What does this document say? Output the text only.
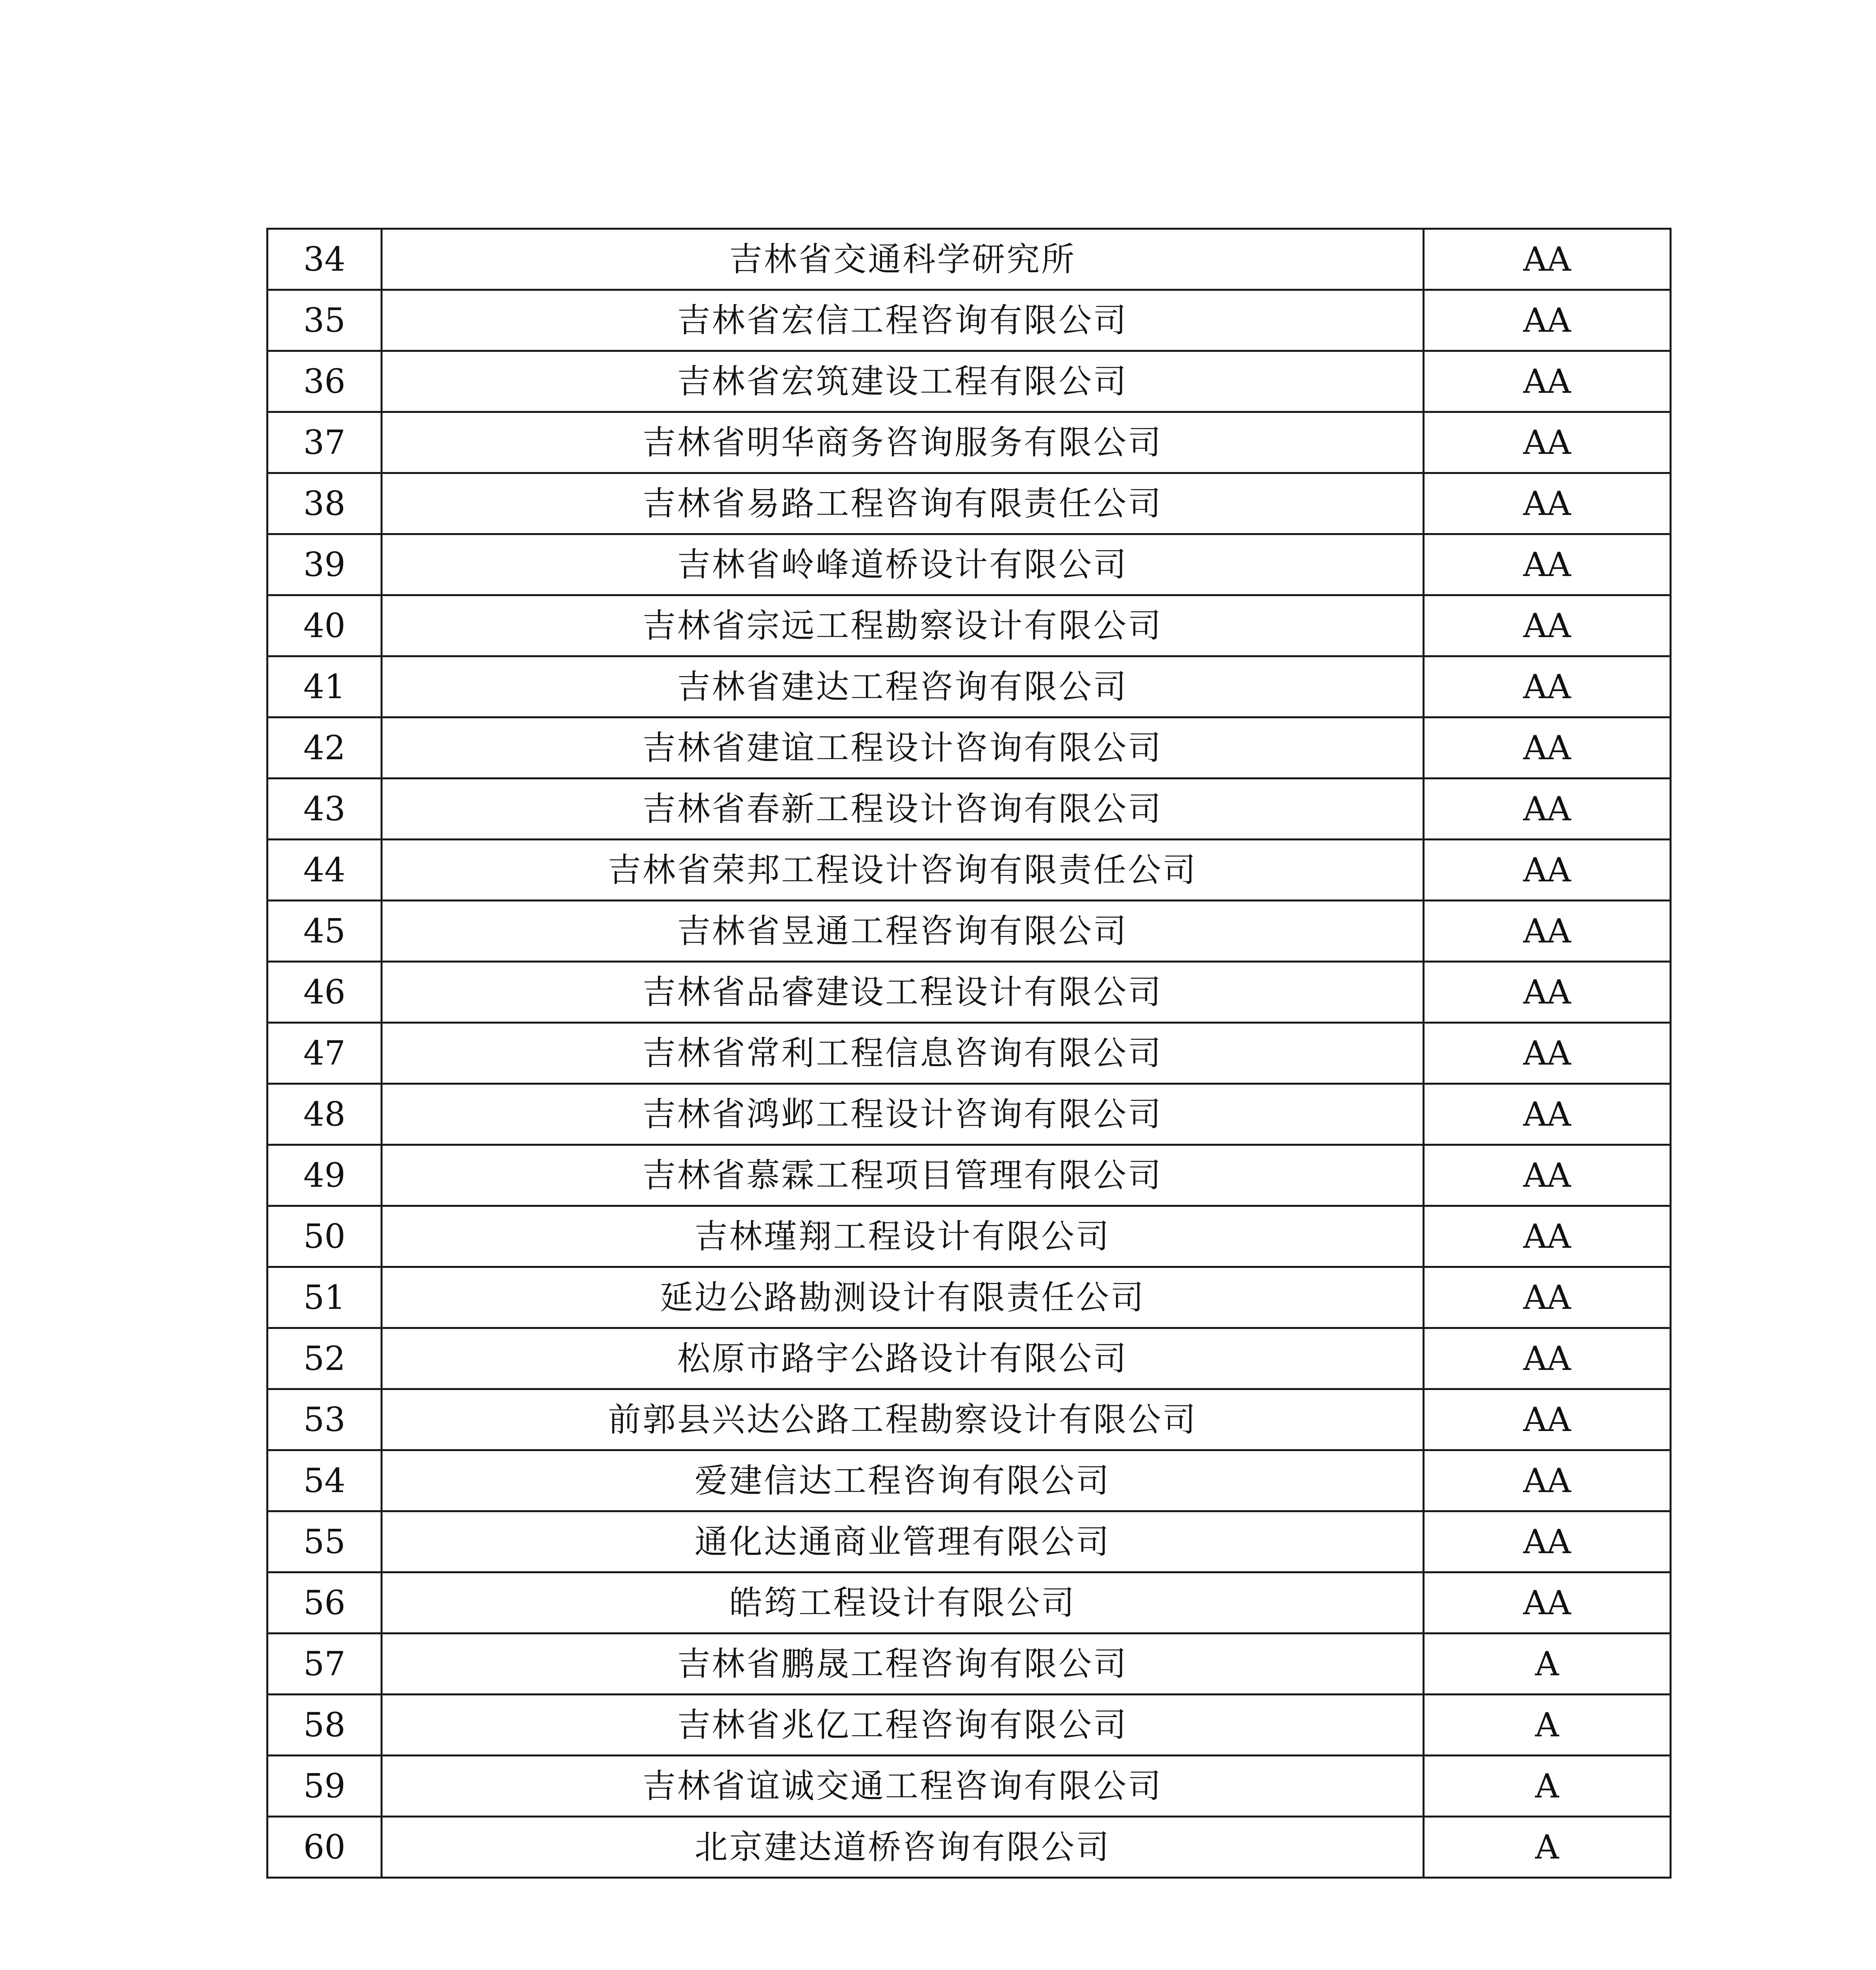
34	吉林省交通科学研究所	AA
35	吉林省宏信工程咨询有限公司	AA
36	吉林省宏筑建设工程有限公司	AA
37	吉林省明华商务咨询服务有限公司	AA
38	吉林省易路工程咨询有限责任公司	AA
39	吉林省岭峰道桥设计有限公司	AA
40	吉林省宗远工程勘察设计有限公司	AA
41	吉林省建达工程咨询有限公司	AA
42	吉林省建谊工程设计咨询有限公司	AA
43	吉林省春新工程设计咨询有限公司	AA
44	吉林省荣邦工程设计咨询有限责任公司	AA
45	吉林省昱通工程咨询有限公司	AA
46	吉林省品睿建设工程设计有限公司	AA
47	吉林省常利工程信息咨询有限公司	AA
48	吉林省鸿邺工程设计咨询有限公司	AA
49	吉林省慕霖工程项目管理有限公司	AA
50	吉林瑾翔工程设计有限公司	AA
51	延边公路勘测设计有限责任公司	AA
52	松原市路宇公路设计有限公司	AA
53	前郭县兴达公路工程勘察设计有限公司	AA
54	爱建信达工程咨询有限公司	AA
55	通化达通商业管理有限公司	AA
56	皓筠工程设计有限公司	AA
57	吉林省鹏晟工程咨询有限公司	A
58	吉林省兆亿工程咨询有限公司	A
59	吉林省谊诚交通工程咨询有限公司	A
60	北京建达道桥咨询有限公司	A
